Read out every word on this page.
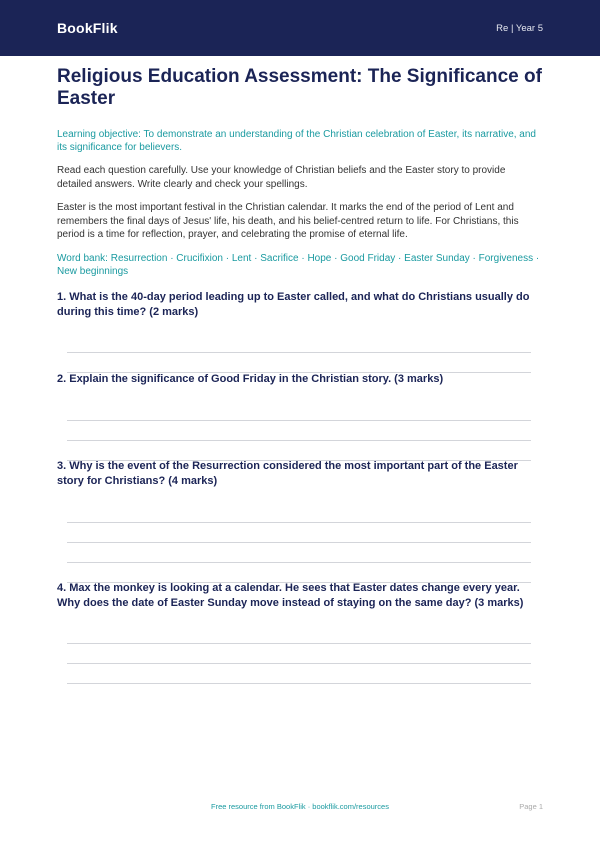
BookFlik	Re | Year 5
Religious Education Assessment: The Significance of Easter

Learning objective: To demonstrate an understanding of the Christian celebration of Easter, its narrative, and its significance for believers.

Read each question carefully. Use your knowledge of Christian beliefs and the Easter story to provide detailed answers. Write clearly and check your spellings.

Easter is the most important festival in the Christian calendar. It marks the end of the period of Lent and remembers the final days of Jesus' life, his death, and his belief-centred return to life. For Christians, this period is a time for reflection, prayer, and celebrating the promise of eternal life.

Word bank: Resurrection · Crucifixion · Lent · Sacrifice · Hope · Good Friday · Easter Sunday · Forgiveness · New beginnings

1. What is the 40-day period leading up to Easter called, and what do Christians usually do during this time? (2 marks)

2. Explain the significance of Good Friday in the Christian story. (3 marks)

3. Why is the event of the Resurrection considered the most important part of the Easter story for Christians? (4 marks)

4. Max the monkey is looking at a calendar. He sees that Easter dates change every year. Why does the date of Easter Sunday move instead of staying on the same day? (3 marks)

Free resource from BookFlik · bookflik.com/resources	Page 1
